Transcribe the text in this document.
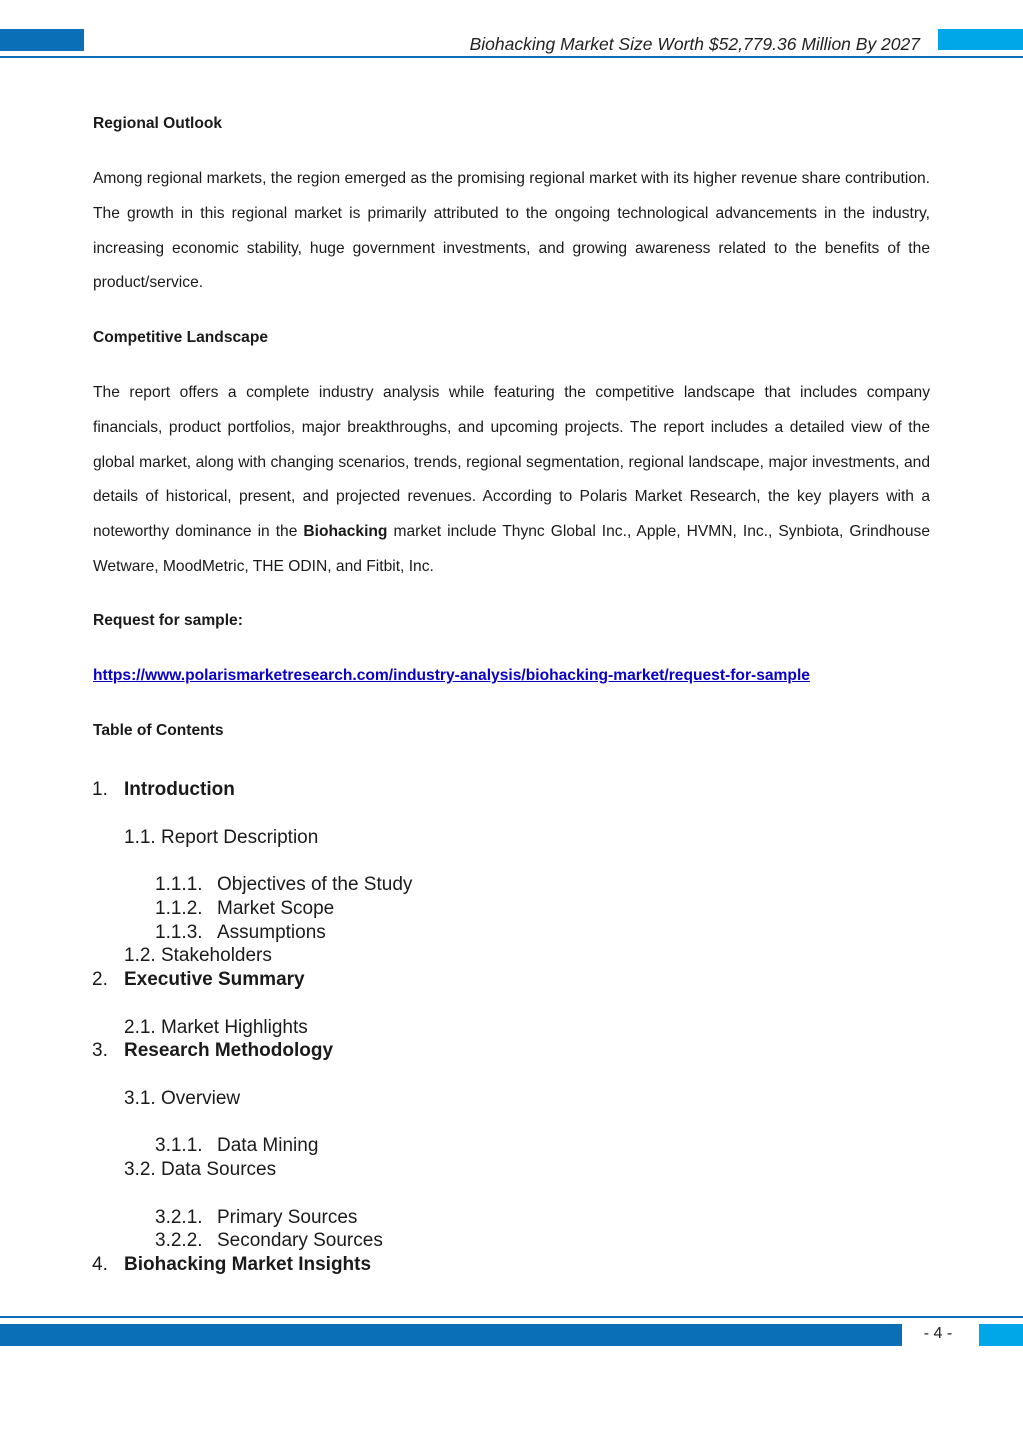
Biohacking Market Size Worth $52,779.36 Million By 2027
Regional Outlook
Among regional markets, the region emerged as the promising regional market with its higher revenue share contribution. The growth in this regional market is primarily attributed to the ongoing technological advancements in the industry, increasing economic stability, huge government investments, and growing awareness related to the benefits of the product/service.
Competitive Landscape
The report offers a complete industry analysis while featuring the competitive landscape that includes company financials, product portfolios, major breakthroughs, and upcoming projects. The report includes a detailed view of the global market, along with changing scenarios, trends, regional segmentation, regional landscape, major investments, and details of historical, present, and projected revenues. According to Polaris Market Research, the key players with a noteworthy dominance in the Biohacking market include Thync Global Inc., Apple, HVMN, Inc., Synbiota, Grindhouse Wetware, MoodMetric, THE ODIN, and Fitbit, Inc.
Request for sample:
https://www.polarismarketresearch.com/industry-analysis/biohacking-market/request-for-sample
Table of Contents
1. Introduction
1.1. Report Description
1.1.1. Objectives of the Study
1.1.2. Market Scope
1.1.3. Assumptions
1.2. Stakeholders
2. Executive Summary
2.1. Market Highlights
3. Research Methodology
3.1. Overview
3.1.1. Data Mining
3.2. Data Sources
3.2.1. Primary Sources
3.2.2. Secondary Sources
4. Biohacking Market Insights
- 4 -
